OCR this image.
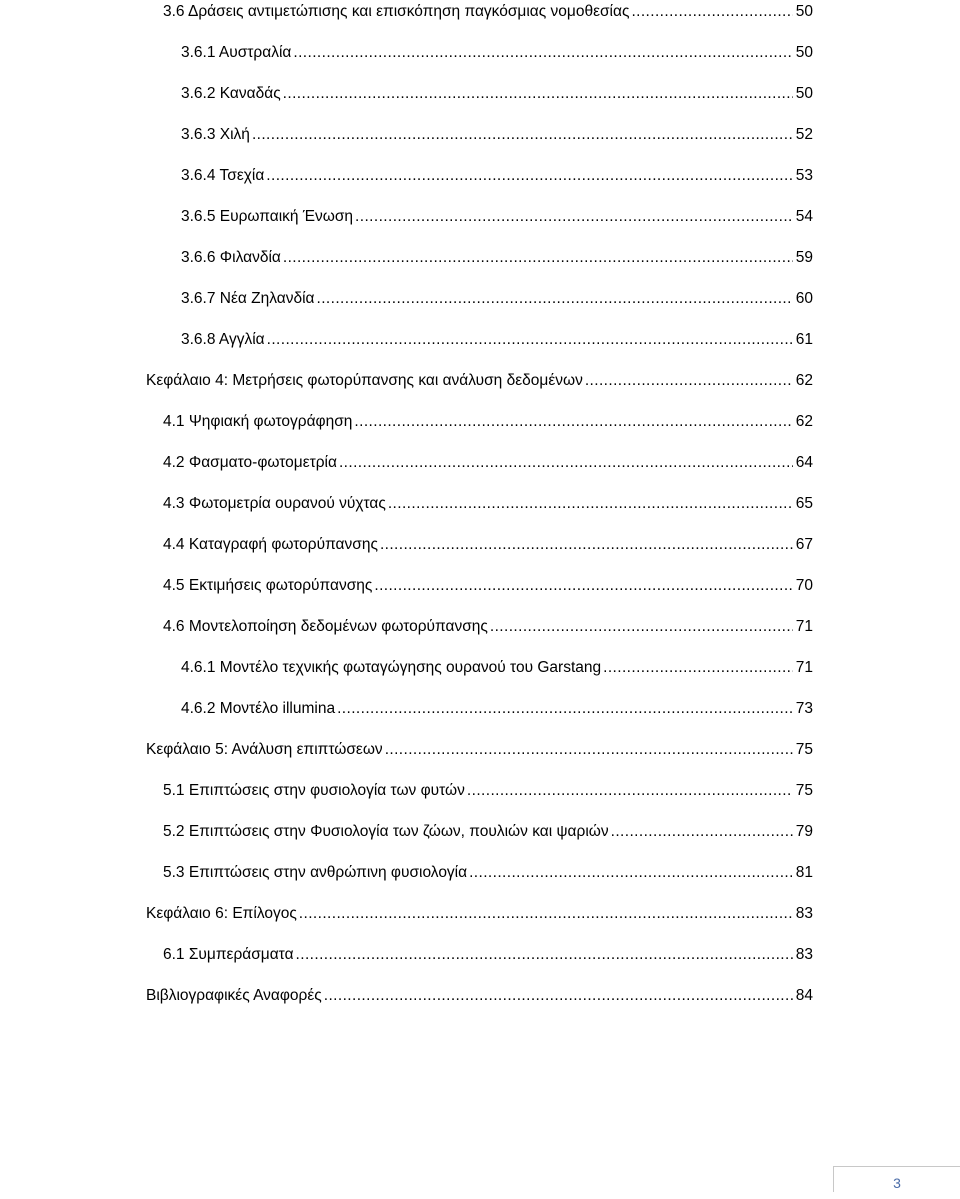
3.6 Δράσεις αντιμετώπισης και επισκόπηση παγκόσμιας νομοθεσίας .....	50
3.6.1 Αυστραλία .....	50
3.6.2 Καναδάς .....	50
3.6.3 Χιλή .....	52
3.6.4 Τσεχία .....	53
3.6.5 Ευρωπαική Ένωση .....	54
3.6.6 Φιλανδία .....	59
3.6.7 Νέα Ζηλανδία .....	60
3.6.8 Αγγλία .....	61
Κεφάλαιο 4: Μετρήσεις φωτορύπανσης και ανάλυση δεδομένων .....	62
4.1 Ψηφιακή φωτογράφηση .....	62
4.2 Φασματο-φωτομετρία .....	64
4.3 Φωτομετρία ουρανού νύχτας .....	65
4.4 Καταγραφή φωτορύπανσης .....	67
4.5 Εκτιμήσεις φωτορύπανσης .....	70
4.6 Μοντελοποίηση δεδομένων φωτορύπανσης .....	71
4.6.1 Μοντέλο τεχνικής φωταγώγησης ουρανού του Garstang .....	71
4.6.2 Μοντέλο illumina .....	73
Κεφάλαιο 5: Ανάλυση επιπτώσεων .....	75
5.1 Επιπτώσεις στην φυσιολογία των φυτών .....	75
5.2 Επιπτώσεις στην Φυσιολογία των ζώων, πουλιών και ψαριών .....	79
5.3 Επιπτώσεις στην ανθρώπινη φυσιολογία .....	81
Κεφάλαιο 6: Επίλογος .....	83
6.1 Συμπεράσματα .....	83
Βιβλιογραφικές Αναφορές .....	84
3
